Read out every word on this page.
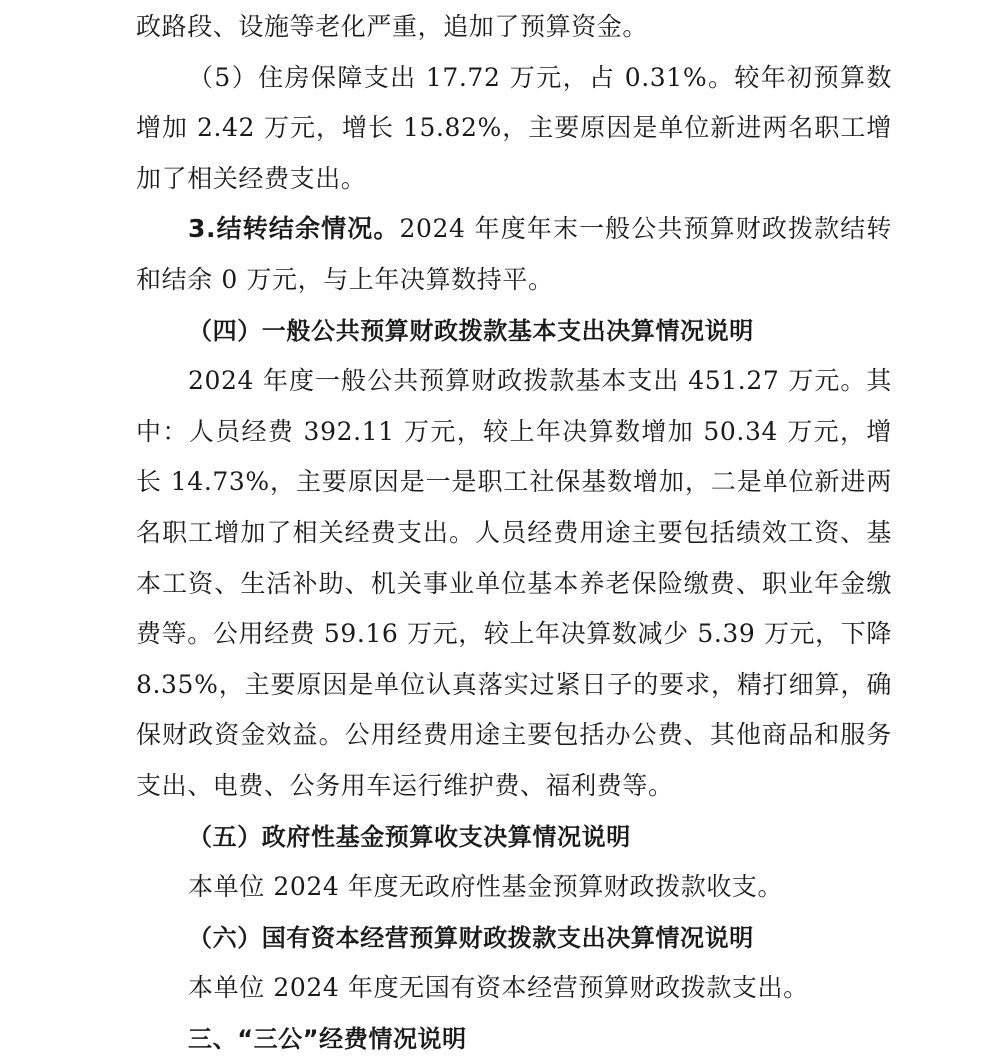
政路段、设施等老化严重，追加了预算资金。

（5）住房保障支出 17.72 万元，占 0.31%。较年初预算数增加 2.42 万元，增长 15.82%，主要原因是单位新进两名职工增加了相关经费支出。

3.结转结余情况。2024 年度年末一般公共预算财政拨款结转和结余 0 万元，与上年决算数持平。

（四）一般公共预算财政拨款基本支出决算情况说明

2024 年度一般公共预算财政拨款基本支出 451.27 万元。其中：人员经费 392.11 万元，较上年决算数增加 50.34 万元，增长 14.73%，主要原因是一是职工社保基数增加，二是单位新进两名职工增加了相关经费支出。人员经费用途主要包括绩效工资、基本工资、生活补助、机关事业单位基本养老保险缴费、职业年金缴费等。公用经费 59.16 万元，较上年决算数减少 5.39 万元，下降 8.35%，主要原因是单位认真落实过紧日子的要求，精打细算，确保财政资金效益。公用经费用途主要包括办公费、其他商品和服务支出、电费、公务用车运行维护费、福利费等。

（五）政府性基金预算收支决算情况说明

本单位 2024 年度无政府性基金预算财政拨款收支。

（六）国有资本经营预算财政拨款支出决算情况说明

本单位 2024 年度无国有资本经营预算财政拨款支出。

三、“三公”经费情况说明
